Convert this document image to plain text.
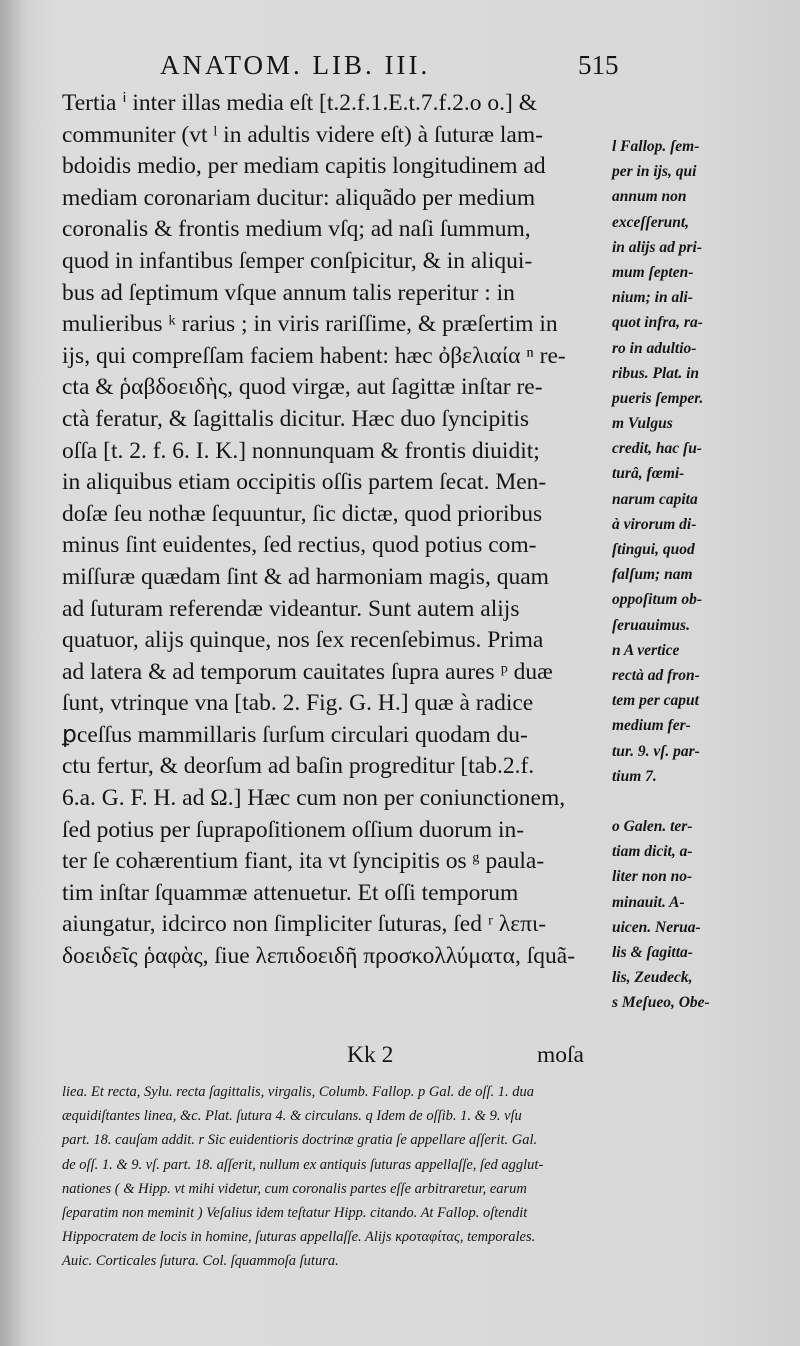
ANATOM. LIB. III.	515
Tertia ⁱ inter illas media eſt [t.2.f.1.E.t.7.f.2.o o.] &
communiter (vt ˡ in adultis videre eſt) à ſuturæ lam-
bdoidis medio, per mediam capitis longitudinem ad
mediam coronariam ducitur: aliquãdo per medium
coronalis & frontis medium vſq; ad naſi ſummum,
quod in infantibus ſemper conſpicitur, & in aliqui-
bus ad ſeptimum vſque annum talis reperitur : in
mulieribus ᵏ rarius ; in viris rariſſime, & præſertim in
ijs, qui compreſſam faciem habent: hæc ὀβελιαία ⁿ re-
cta & ῥαβδοειδὴς, quod virgæ, aut ſagittæ inſtar re-
ctà feratur, & ſagittalis dicitur. Hæc duo ſyncipitis
oſſa [t. 2. f. 6. I. K.] nonnunquam & frontis diuidit;
in aliquibus etiam occipitis oſſis partem ſecat. Men-
doſæ ſeu nothæ ſequuntur, ſic dictæ, quod prioribus
minus ſint euidentes, ſed rectius, quod potius com-
miſſuræ quædam ſint & ad harmoniam magis, quam
ad ſuturam referendæ videantur. Sunt autem alijs
quatuor, alijs quinque, nos ſex recenſebimus. Prima
ad latera & ad temporum cauitates ſupra aures ᵖ duæ
ſunt, vtrinque vna [tab. 2. Fig. G. H.] quæ à radice
ꝑceſſus mammillaris ſurſum circulari quodam du-
ctu fertur, & deorſum ad baſin progreditur [tab.2.f.
6.a. G. F. H. ad Ω.] Hæc cum non per coniunctionem,
ſed potius per ſuprapoſitionem oſſium duorum in-
ter ſe cohærentium fiant, ita vt ſyncipitis os ᵍ paula-
tim inſtar ſquammæ attenuetur. Et oſſi temporum
aiungatur, idcirco non ſimpliciter ſuturas, ſed ʳ λεπι-
δοειδεῖς ῥαφὰς, ſiue λεπιδοειδῆ προσκολλύματα, ſquã-
l Fallop. ſem-
per in ijs, qui
annum non
exceſſerunt,
in alijs ad pri-
mum ſepten-
nium; in ali-
quot infra, ra-
ro in adultio-
ribus. Plat. in
pueris ſemper.
m Vulgus
credit, hac ſu-
turâ, fœmi-
narum capita
à virorum di-
ſtingui, quod
falſum; nam
oppoſitum ob-
ſeruauimus.
n A vertice
rectà ad fron-
tem per caput
medium fer-
tur. 9. vſ. par-
tium 7.
o Galen. ter-
tiam dicit, a-
liter non no-
minauit. A-
uicen. Nerua-
lis & ſagitta-
lis, Zeudeck,
s Meſueo, Obe-
Kk 2	moſa
liea. Et recta, Sylu. recta ſagittalis, virgalis, Columb. Fallop. p Gal. de oſſ. 1. dua
æquidiſtantes linea, &c. Plat. ſutura 4. & circulans. q Idem de oſſib. 1. & 9. vſu
part. 18. cauſam addit. r Sic euidentioris doctrinæ gratia ſe appellare aſſerit. Gal.
de oſſ. 1. & 9. vſ. part. 18. aſſerit, nullum ex antiquis ſuturas appellaſſe, ſed agglut-
nationes ( & Hipp. vt mihi videtur, cum coronalis partes eſſe arbitraretur, earum
ſeparatim non meminit ) Veſalius idem teſtatur Hipp. citando. At Fallop. oſtendit
Hippocratem de locis in homine, ſuturas appellaſſe. Alijs κροταφίτας, temporales.
Auic. Corticales ſutura. Col. ſquammoſa ſutura.
